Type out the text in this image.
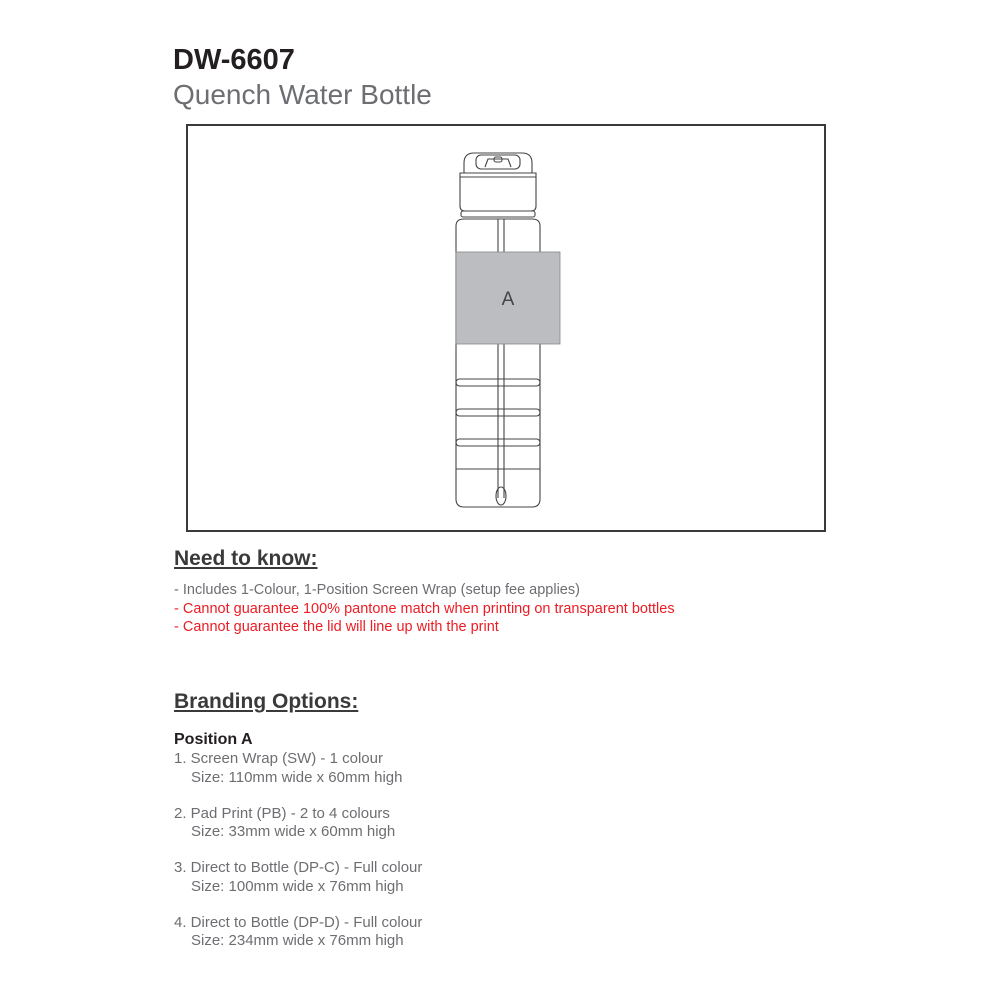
DW-6607
Quench Water Bottle
A
Need to know:
- Includes 1-Colour, 1-Position Screen Wrap (setup fee applies)
- Cannot guarantee 100% pantone match when printing on transparent bottles
- Cannot guarantee the lid will line up with the print
Branding Options:
Position A
1. Screen Wrap (SW) - 1 colour
Size: 110mm wide x 60mm high
2. Pad Print (PB) - 2 to 4 colours
Size: 33mm wide x 60mm high
3. Direct to Bottle (DP-C) - Full colour
Size: 100mm wide x 76mm high
4. Direct to Bottle (DP-D) - Full colour
Size: 234mm wide x 76mm high
